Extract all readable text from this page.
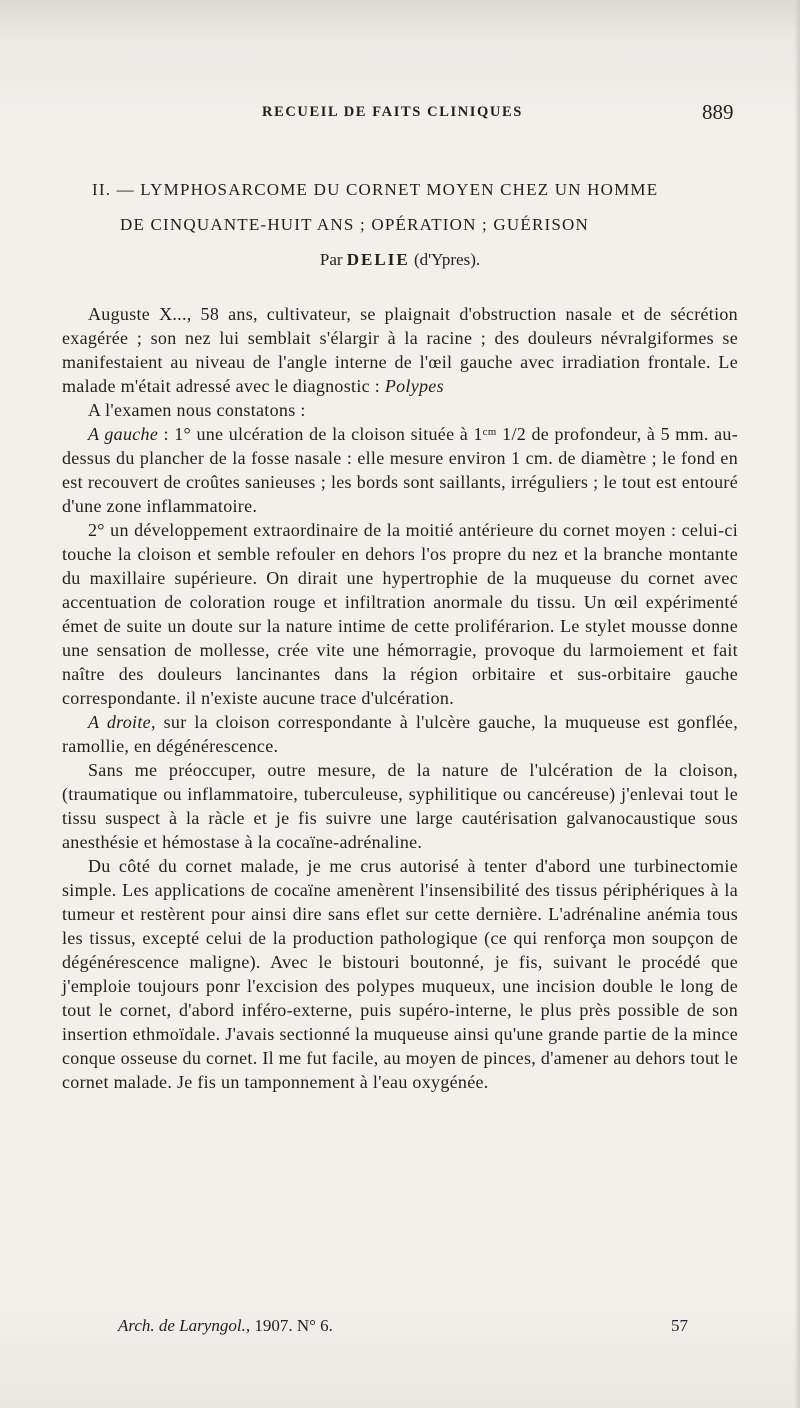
RECUEIL DE FAITS CLINIQUES	889
II. — LYMPHOSARCOME DU CORNET MOYEN CHEZ UN HOMME
DE CINQUANTE-HUIT ANS ; OPÉRATION ; GUÉRISON
Par DELIE (d'Ypres).

Auguste X..., 58 ans, cultivateur, se plaignait d'obstruction nasale et de sécrétion exagérée ; son nez lui semblait s'élargir à la racine ; des douleurs névralgiformes se manifestaient au niveau de l'angle interne de l'œil gauche avec irradiation frontale. Le malade m'était adressé avec le diagnostic : Polypes

A l'examen nous constatons :

A gauche : 1° une ulcération de la cloison située à 1ᶜᵐ 1/2 de profondeur, à 5 mm. au-dessus du plancher de la fosse nasale : elle mesure environ 1 cm. de diamètre ; le fond en est recouvert de croûtes sanieuses ; les bords sont saillants, irréguliers ; le tout est entouré d'une zone inflammatoire.

2° un développement extraordinaire de la moitié antérieure du cornet moyen : celui-ci touche la cloison et semble refouler en dehors l'os propre du nez et la branche montante du maxillaire supérieure. On dirait une hypertrophie de la muqueuse du cornet avec accentuation de coloration rouge et infiltration anormale du tissu. Un œil expérimenté émet de suite un doute sur la nature intime de cette proliférarion. Le stylet mousse donne une sensation de mollesse, crée vite une hémorragie, provoque du larmoiement et fait naître des douleurs lancinantes dans la région orbitaire et sus-orbitaire gauche correspondante. il n'existe aucune trace d'ulcération.

A droite, sur la cloison correspondante à l'ulcère gauche, la muqueuse est gonflée, ramollie, en dégénérescence.

Sans me préoccuper, outre mesure, de la nature de l'ulcération de la cloison, (traumatique ou inflammatoire, tuberculeuse, syphilitique ou cancéreuse) j'enlevai tout le tissu suspect à la ràcle et je fis suivre une large cautérisation galvanocaustique sous anesthésie et hémostase à la cocaïne-adrénaline.

Du côté du cornet malade, je me crus autorisé à tenter d'abord une turbinectomie simple. Les applications de cocaïne amenèrent l'insensibilité des tissus périphériques à la tumeur et restèrent pour ainsi dire sans eflet sur cette dernière. L'adrénaline anémia tous les tissus, excepté celui de la production pathologique (ce qui renforça mon soupçon de dégénérescence maligne). Avec le bistouri boutonné, je fis, suivant le procédé que j'emploie toujours ponr l'excision des polypes muqueux, une incision double le long de tout le cornet, d'abord inféro-externe, puis supéro-interne, le plus près possible de son insertion ethmoïdale. J'avais sectionné la muqueuse ainsi qu'une grande partie de la mince conque osseuse du cornet. Il me fut facile, au moyen de pinces, d'amener au dehors tout le cornet malade. Je fis un tamponnement à l'eau oxygénée.

Arch. de Laryngol., 1907. N° 6.	57
